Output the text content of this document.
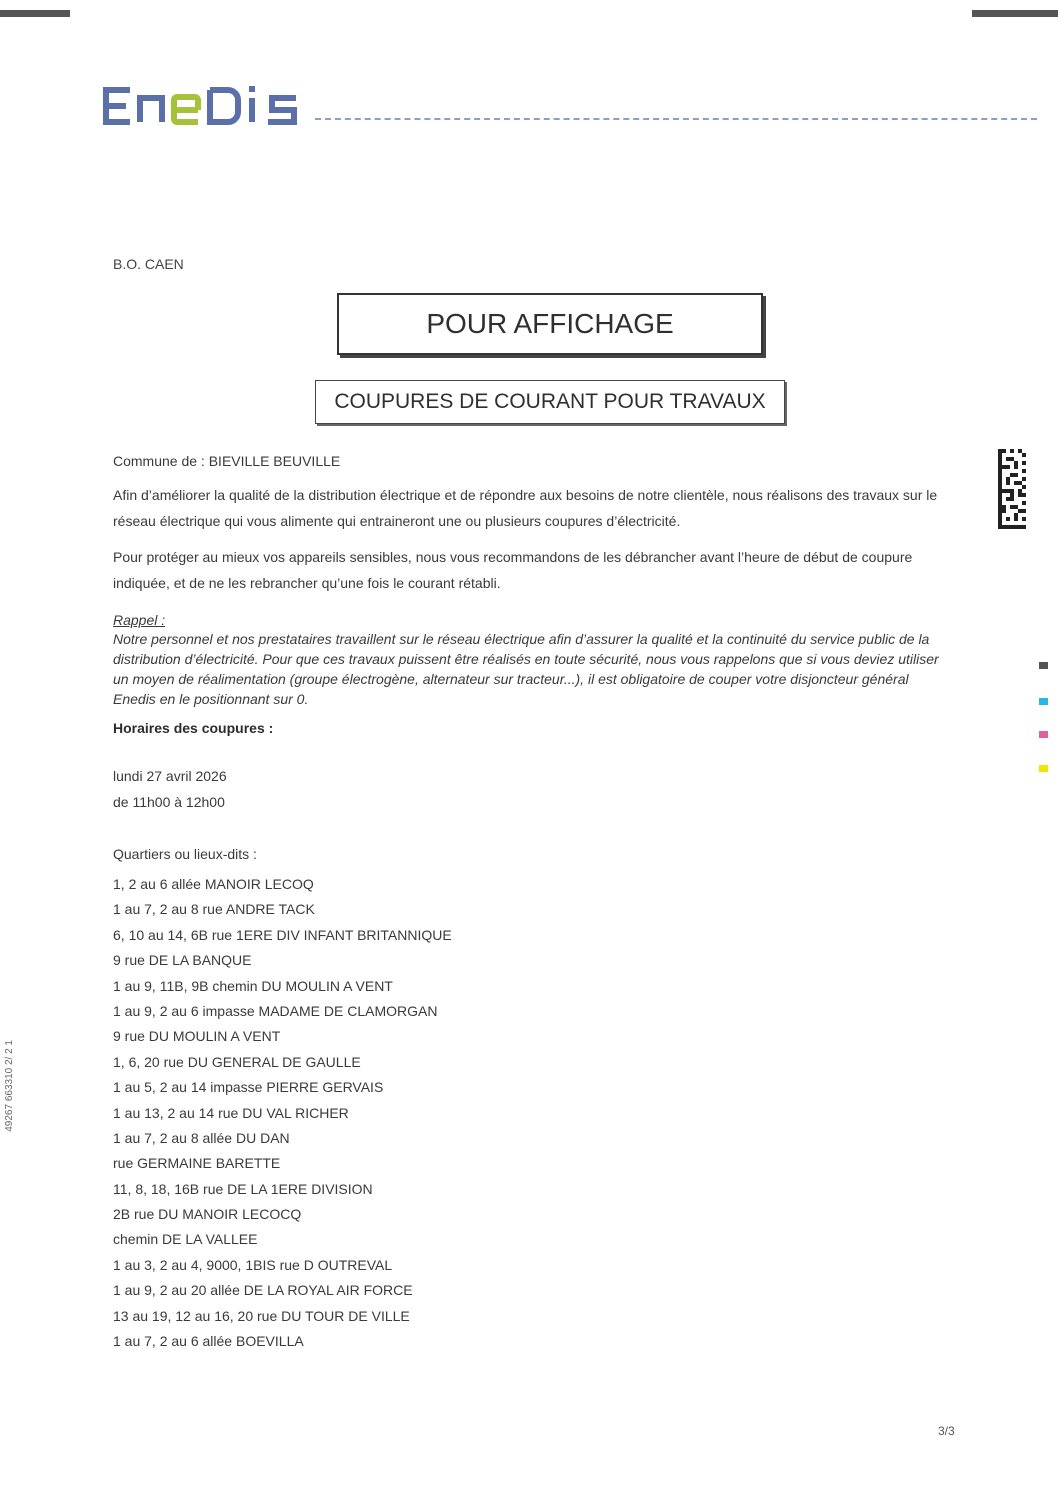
B.O. CAEN
POUR AFFICHAGE
COUPURES DE COURANT POUR TRAVAUX
Commune de : BIEVILLE BEUVILLE
Afin d’améliorer la qualité de la distribution électrique et de répondre aux besoins de notre clientèle, nous réalisons des travaux sur le réseau électrique qui vous alimente qui entraineront une ou plusieurs coupures d’électricité.
Pour protéger au mieux vos appareils sensibles, nous vous recommandons de les débrancher avant l’heure de début de coupure indiquée, et de ne les rebrancher qu’une fois le courant rétabli.
Rappel :
Notre personnel et nos prestataires travaillent sur le réseau électrique afin d’assurer la qualité et la continuité du service public de la distribution d’électricité. Pour que ces travaux puissent être réalisés en toute sécurité, nous vous rappelons que si vous deviez utiliser un moyen de réalimentation (groupe électrogène, alternateur sur tracteur...), il est obligatoire de couper votre disjoncteur général Enedis en le positionnant sur 0.
Horaires des coupures :
lundi 27 avril 2026
de 11h00 à 12h00
Quartiers ou lieux-dits :
1, 2 au 6 allée MANOIR LECOQ
1 au 7, 2 au 8 rue ANDRE TACK
6, 10 au 14, 6B rue 1ERE DIV INFANT BRITANNIQUE
9 rue DE LA BANQUE
1 au 9, 11B, 9B chemin DU MOULIN A VENT
1 au 9, 2 au 6 impasse MADAME DE CLAMORGAN
9 rue DU MOULIN A VENT
1, 6, 20 rue DU GENERAL DE GAULLE
1 au 5, 2 au 14 impasse PIERRE GERVAIS
1 au 13, 2 au 14 rue DU VAL RICHER
1 au 7, 2 au 8 allée DU DAN
rue GERMAINE BARETTE
11, 8, 18, 16B rue DE LA 1ERE DIVISION
2B rue DU MANOIR LECOCQ
chemin DE LA VALLEE
1 au 3, 2 au 4, 9000, 1BIS rue D OUTREVAL
1 au 9, 2 au 20 allée DE LA ROYAL AIR FORCE
13 au 19, 12 au 16, 20 rue DU TOUR DE VILLE
1 au 7, 2 au 6 allée BOEVILLA
3/3
49267 663310 2/ 2 1
